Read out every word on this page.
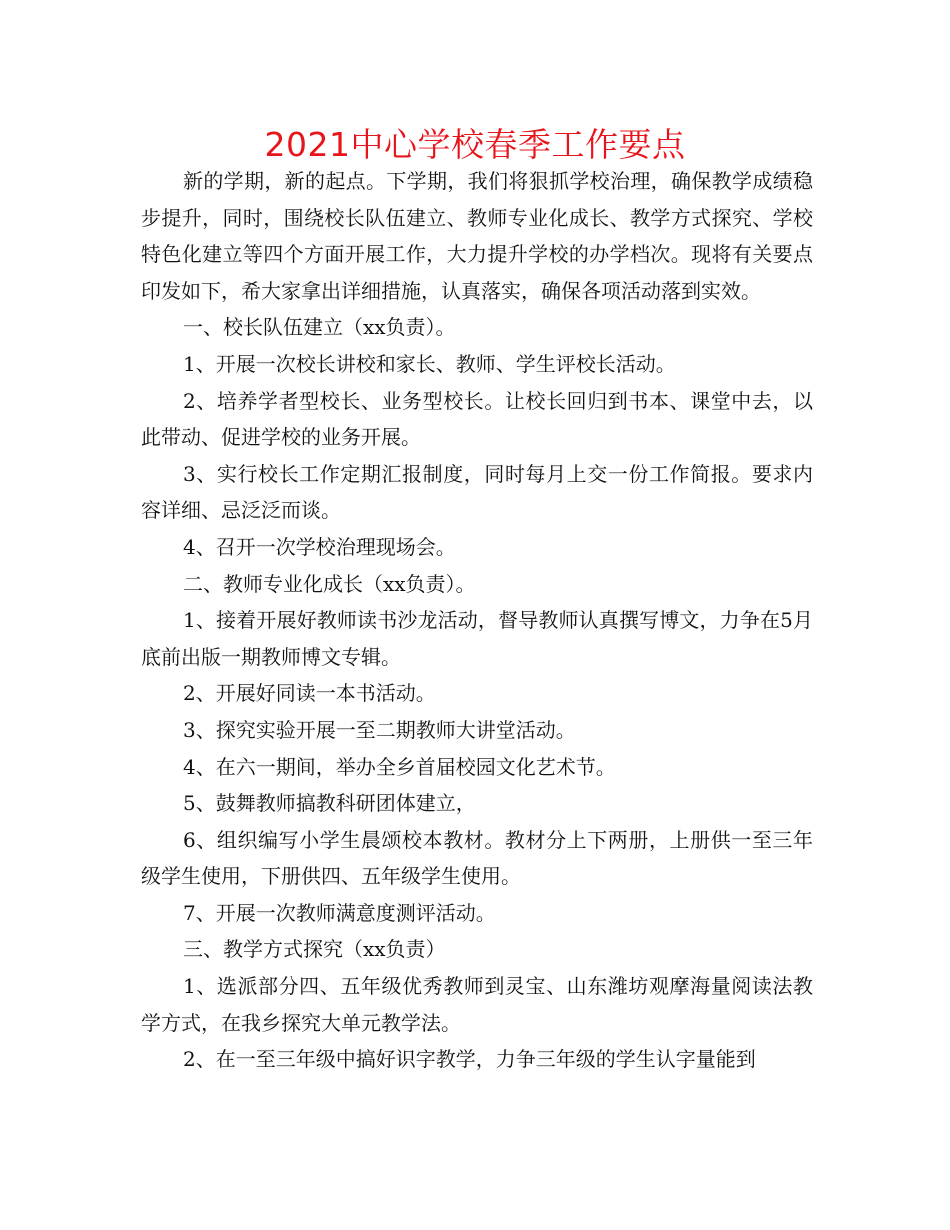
2021中心学校春季工作要点

新的学期，新的起点。下学期，我们将狠抓学校治理，确保教学成绩稳步提升，同时，围绕校长队伍建立、教师专业化成长、教学方式探究、学校特色化建立等四个方面开展工作，大力提升学校的办学档次。现将有关要点印发如下，希大家拿出详细措施，认真落实，确保各项活动落到实效。

一、校长队伍建立（xx负责）。

1、开展一次校长讲校和家长、教师、学生评校长活动。

2、培养学者型校长、业务型校长。让校长回归到书本、课堂中去，以此带动、促进学校的业务开展。

3、实行校长工作定期汇报制度，同时每月上交一份工作简报。要求内容详细、忌泛泛而谈。

4、召开一次学校治理现场会。

二、教师专业化成长（xx负责）。

1、接着开展好教师读书沙龙活动，督导教师认真撰写博文，力争在5月底前出版一期教师博文专辑。

2、开展好同读一本书活动。

3、探究实验开展一至二期教师大讲堂活动。

4、在六一期间，举办全乡首届校园文化艺术节。

5、鼓舞教师搞教科研团体建立，

6、组织编写小学生晨颂校本教材。教材分上下两册，上册供一至三年级学生使用，下册供四、五年级学生使用。

7、开展一次教师满意度测评活动。

三、教学方式探究（xx负责）

1、选派部分四、五年级优秀教师到灵宝、山东潍坊观摩海量阅读法教学方式，在我乡探究大单元教学法。

2、在一至三年级中搞好识字教学，力争三年级的学生认字量能到
